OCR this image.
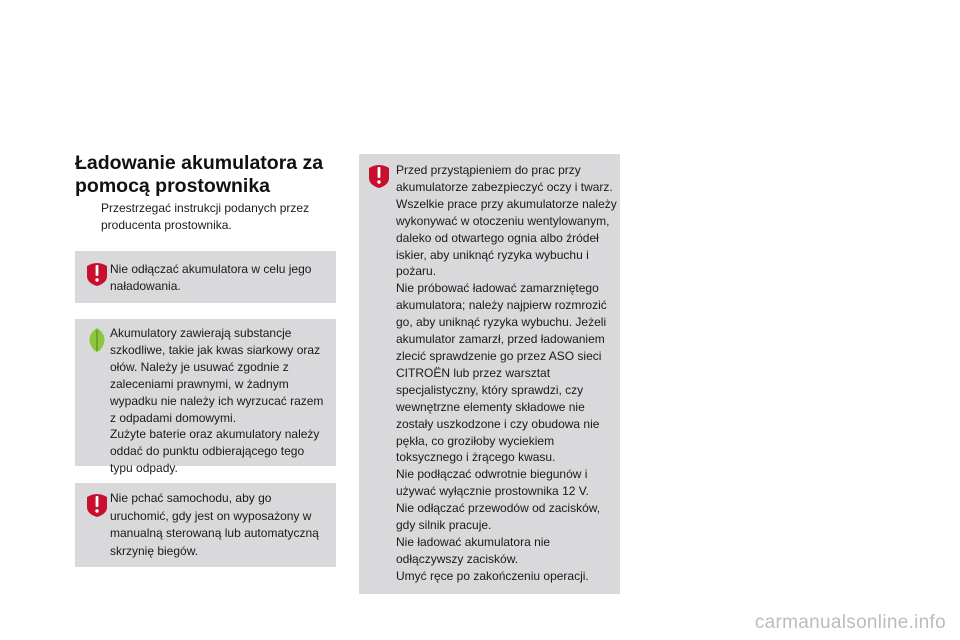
Ładowanie akumulatora za pomocą prostownika
Przestrzegać instrukcji podanych przez producenta prostownika.
Nie odłączać akumulatora w celu jego naładowania.
Akumulatory zawierają substancje szkodliwe, takie jak kwas siarkowy oraz ołów. Należy je usuwać zgodnie z zaleceniami prawnymi, w żadnym wypadku nie należy ich wyrzucać razem z odpadami domowymi.
Zużyte baterie oraz akumulatory należy oddać do punktu odbierającego tego typu odpady.
Nie pchać samochodu, aby go uruchomić, gdy jest on wyposażony w manualną sterowaną lub automatyczną skrzynię biegów.
Przed przystąpieniem do prac przy akumulatorze zabezpieczyć oczy i twarz.
Wszelkie prace przy akumulatorze należy wykonywać w otoczeniu wentylowanym, daleko od otwartego ognia albo źródeł iskier, aby uniknąć ryzyka wybuchu i pożaru.
Nie próbować ładować zamarzniętego akumulatora; należy najpierw rozmrozić go, aby uniknąć ryzyka wybuchu. Jeżeli akumulator zamarzł, przed ładowaniem zlecić sprawdzenie go przez ASO sieci CITROËN lub przez warsztat specjalistyczny, który sprawdzi, czy wewnętrzne elementy składowe nie zostały uszkodzone i czy obudowa nie pękła, co groziłoby wyciekiem toksycznego i żrącego kwasu.
Nie podłączać odwrotnie biegunów i używać wyłącznie prostownika 12 V.
Nie odłączać przewodów od zacisków, gdy silnik pracuje.
Nie ładować akumulatora nie odłączywszy zacisków.
Umyć ręce po zakończeniu operacji.
carmanualsonline.info
